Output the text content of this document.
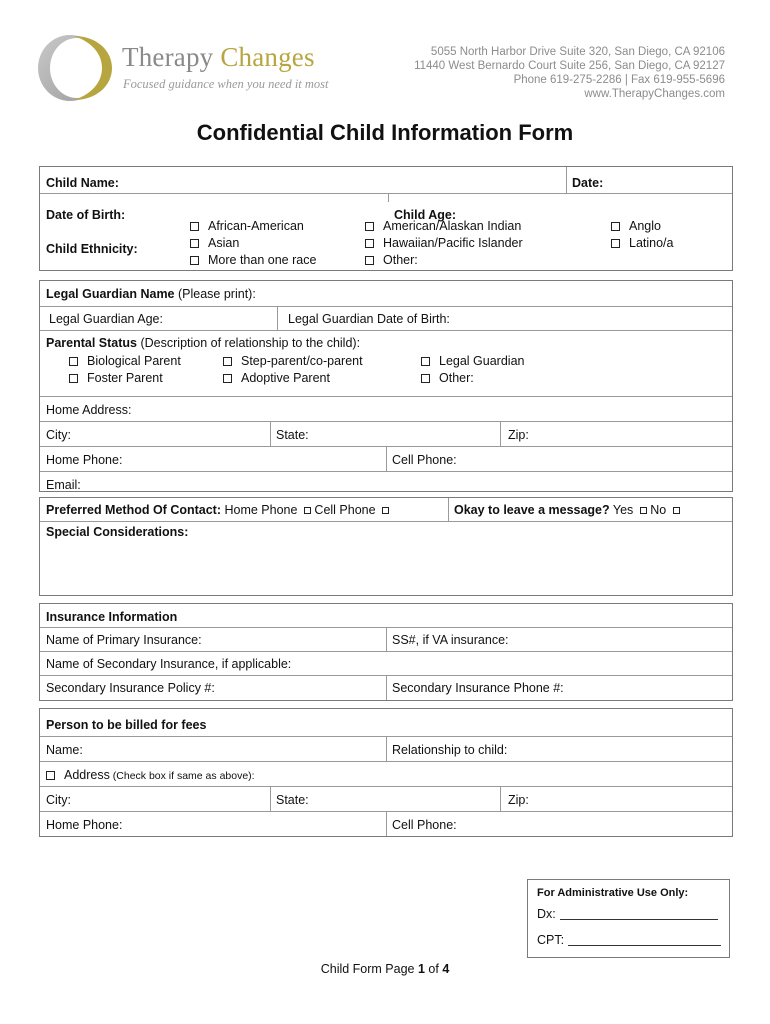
Therapy Changes
Focused guidance when you need it most
5055 North Harbor Drive Suite 320, San Diego, CA 92106
11440 West Bernardo Court Suite 256, San Diego, CA 92127
Phone 619-275-2286 | Fax 619-955-5696
www.TherapyChanges.com
Confidential Child Information Form
Child Name:	Date:
Date of Birth:	Child Age:
Child Ethnicity:
African-American
Asian
More than one race
American/Alaskan Indian
Hawaiian/Pacific Islander
Other:
Anglo
Latino/a
Legal Guardian Name (Please print):
Legal Guardian Age:	Legal Guardian Date of Birth:
Parental Status (Description of relationship to the child):
Biological Parent
Foster Parent
Step-parent/co-parent
Adoptive Parent
Legal Guardian
Other:
Home Address:
City:	State:	Zip:
Home Phone:	Cell Phone:
Email:
Preferred Method Of Contact: Home Phone  Cell Phone	Okay to leave a message? Yes  No
Special Considerations:
Insurance Information
Name of Primary Insurance:	SS#, if VA insurance:
Name of Secondary Insurance, if applicable:
Secondary Insurance Policy #:	Secondary Insurance Phone #:
Person to be billed for fees
Name:	Relationship to child:
Address (Check box if same as above):
City:	State:	Zip:
Home Phone:	Cell Phone:
For Administrative Use Only:
Dx:
CPT:
Child Form Page 1 of 4
